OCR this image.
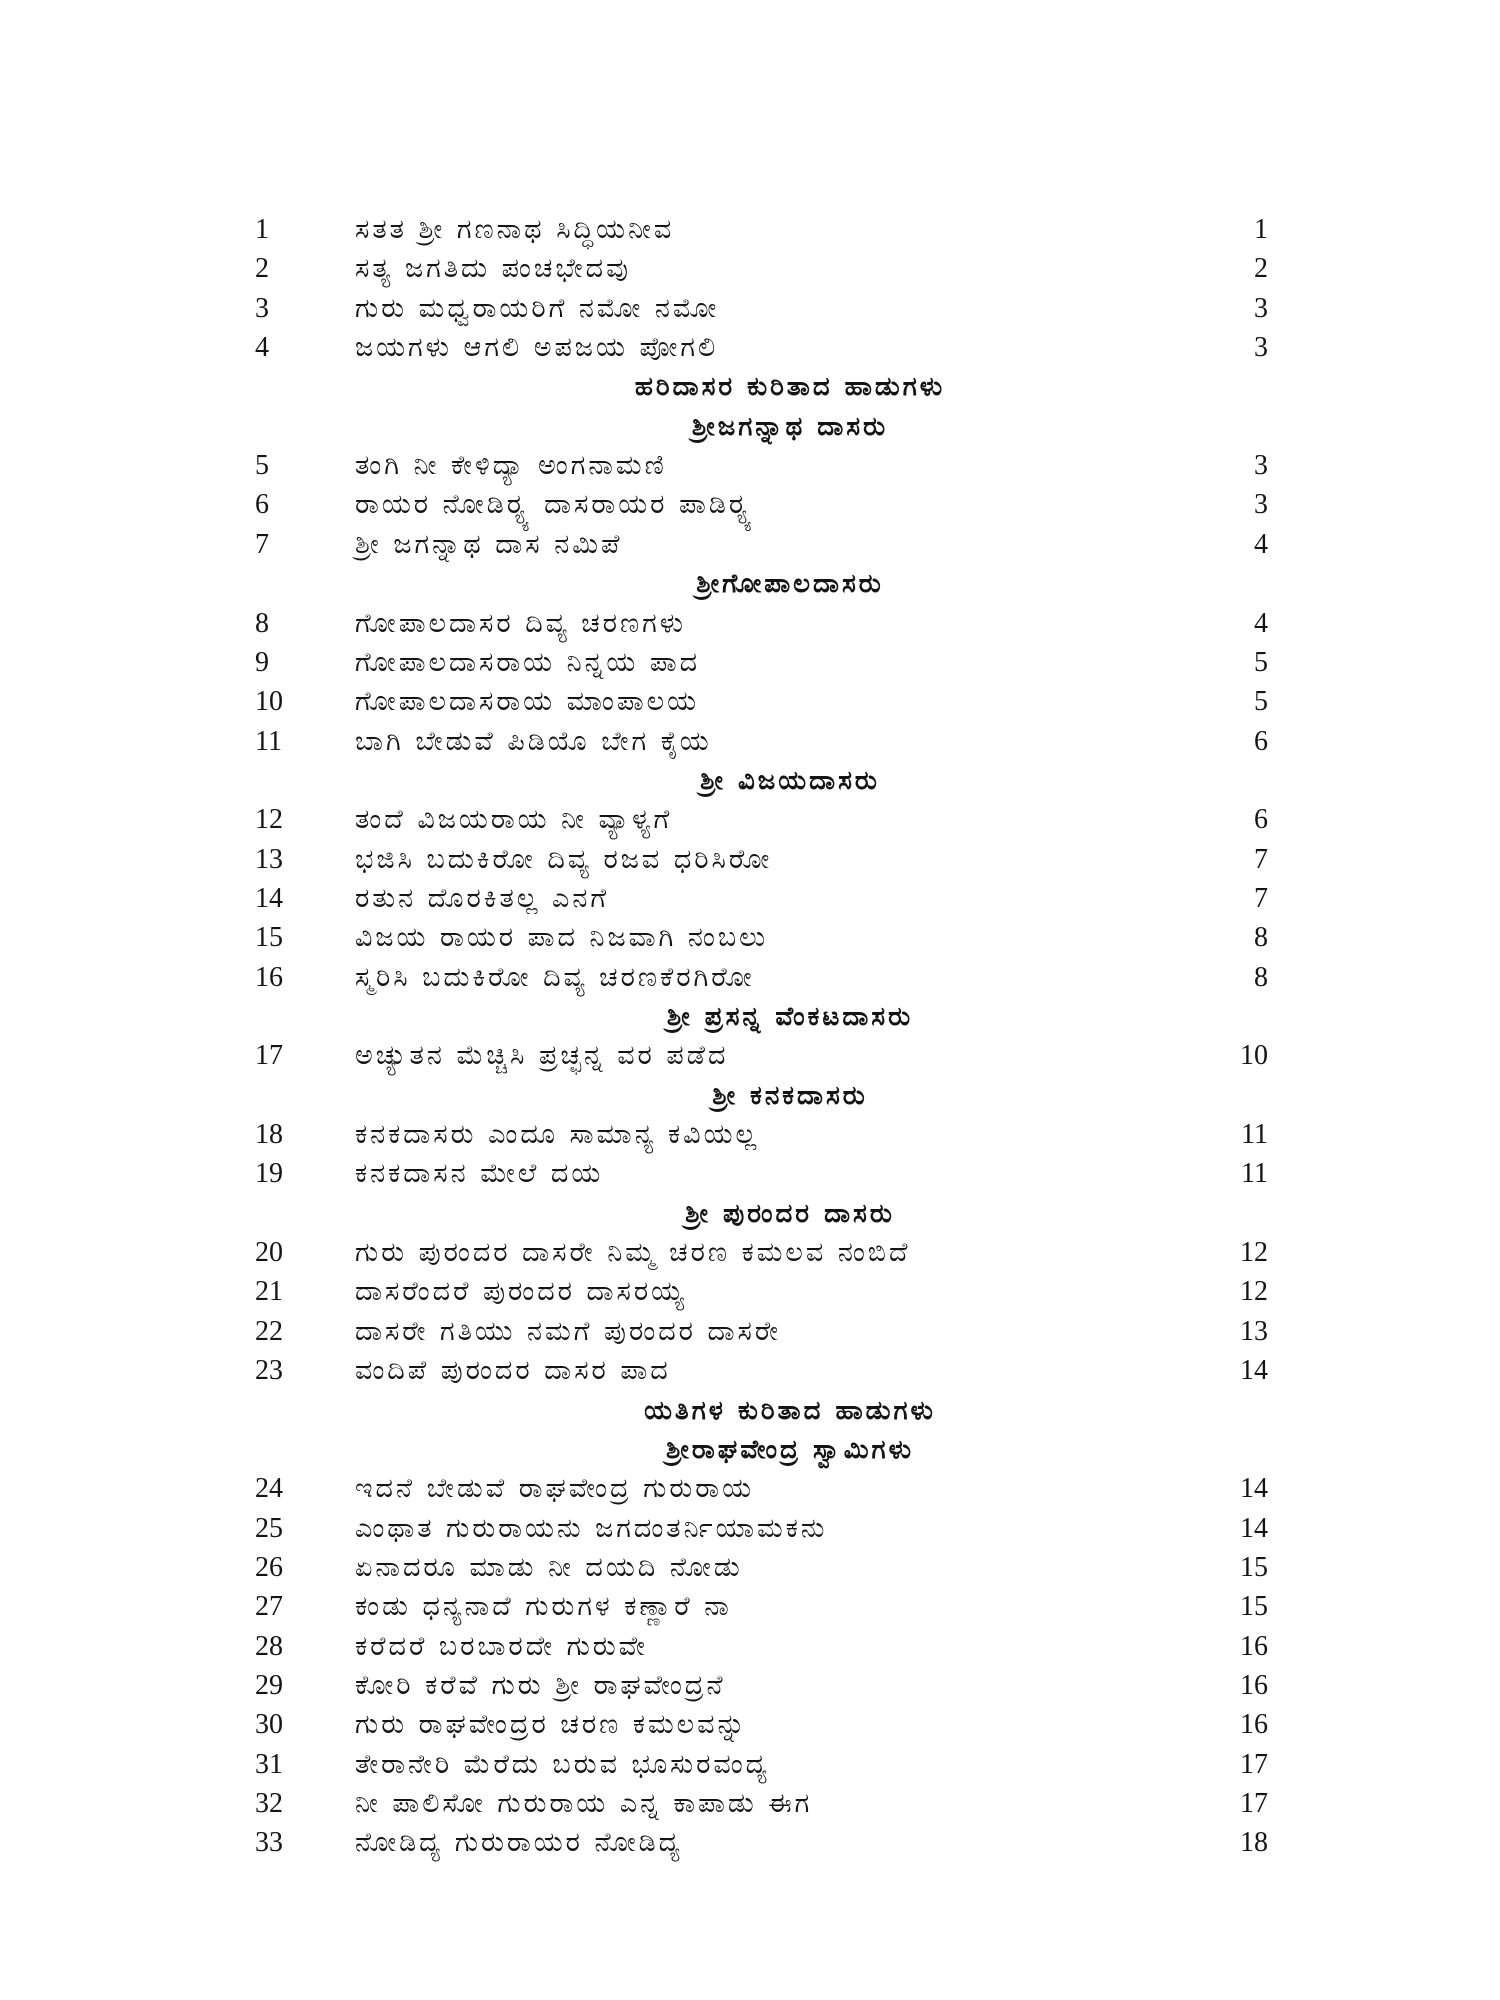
1	ಸತತ ಶ್ರೀ ಗಣನಾಥ ಸಿದ್ಧಿಯನೀವ	1
2	ಸತ್ಯ ಜಗತಿದು ಪಂಚಭೇದವು	2
3	ಗುರು ಮಧ್ವರಾಯರಿಗೆ ನಮೋ ನಮೋ	3
4	ಜಯಗಳು ಆಗಲಿ ಅಪಜಯ ಪೋಗಲಿ	3
ಹರಿದಾಸರ ಕುರಿತಾದ ಹಾಡುಗಳು
ಶ್ರೀಜಗನ್ನಾಥ ದಾಸರು
5	ತಂಗಿ ನೀ ಕೇಳಿದ್ಯಾ ಅಂಗನಾಮಣಿ	3
6	ರಾಯರ ನೋಡಿರ್‍ಯ್ಯ ದಾಸರಾಯರ ಪಾಡಿರ್‍ಯ್ಯ	3
7	ಶ್ರೀ ಜಗನ್ನಾಥ ದಾಸ ನಮಿಪೆ	4
ಶ್ರೀಗೋಪಾಲದಾಸರು
8	ಗೋಪಾಲದಾಸರ ದಿವ್ಯ ಚರಣಗಳು	4
9	ಗೋಪಾಲದಾಸರಾಯ ನಿನ್ನಯ ಪಾದ	5
10	ಗೋಪಾಲದಾಸರಾಯ ಮಾಂಪಾಲಯ	5
11	ಬಾಗಿ ಬೇಡುವೆ ಪಿಡಿಯೊ ಬೇಗ ಕೈಯ	6
ಶ್ರೀ ವಿಜಯದಾಸರು
12	ತಂದೆ ವಿಜಯರಾಯ ನೀ ವ್ಯಾಳ್ಯಗೆ	6
13	ಭಜಿಸಿ ಬದುಕಿರೋ ದಿವ್ಯ ರಜವ ಧರಿಸಿರೋ	7
14	ರತುನ ದೊರಕಿತಲ್ಲ ಎನಗೆ	7
15	ವಿಜಯ ರಾಯರ ಪಾದ ನಿಜವಾಗಿ ನಂಬಲು	8
16	ಸ್ಮರಿಸಿ ಬದುಕಿರೋ ದಿವ್ಯ ಚರಣಕೆರಗಿರೋ	8
ಶ್ರೀ ಪ್ರಸನ್ನ ವೆಂಕಟದಾಸರು
17	ಅಚ್ಯುತನ ಮೆಚ್ಚಿಸಿ ಪ್ರಚ್ಛನ್ನ ವರ ಪಡೆದ	10
ಶ್ರೀ ಕನಕದಾಸರು
18	ಕನಕದಾಸರು ಎಂದೂ ಸಾಮಾನ್ಯ ಕವಿಯಲ್ಲ	11
19	ಕನಕದಾಸನ ಮೇಲೆ ದಯ	11
ಶ್ರೀ ಪುರಂದರ ದಾಸರು
20	ಗುರು ಪುರಂದರ ದಾಸರೇ ನಿಮ್ಮ ಚರಣ ಕಮಲವ ನಂಬಿದೆ	12
21	ದಾಸರೆಂದರೆ ಪುರಂದರ ದಾಸರಯ್ಯ	12
22	ದಾಸರೇ ಗತಿಯು ನಮಗೆ ಪುರಂದರ ದಾಸರೇ	13
23	ವಂದಿಪೆ ಪುರಂದರ ದಾಸರ ಪಾದ	14
ಯತಿಗಳ ಕುರಿತಾದ ಹಾಡುಗಳು
ಶ್ರೀರಾಘವೇಂದ್ರ ಸ್ವಾಮಿಗಳು
24	ಇದನೆ ಬೇಡುವೆ ರಾಘವೇಂದ್ರ ಗುರುರಾಯ	14
25	ಎಂಥಾತ ಗುರುರಾಯನು ಜಗದಂತರ್ನಿಯಾಮಕನು	14
26	ಏನಾದರೂ ಮಾಡು ನೀ ದಯದಿ ನೋಡು	15
27	ಕಂಡು ಧನ್ಯನಾದೆ ಗುರುಗಳ ಕಣ್ಣಾರೆ ನಾ	15
28	ಕರೆದರೆ ಬರಬಾರದೇ ಗುರುವೇ	16
29	ಕೋರಿ ಕರೆವೆ ಗುರು ಶ್ರೀ ರಾಘವೇಂದ್ರನೆ	16
30	ಗುರು ರಾಘವೇಂದ್ರರ ಚರಣ ಕಮಲವನ್ನು	16
31	ತೇರಾನೇರಿ ಮೆರೆದು ಬರುವ ಭೂಸುರವಂದ್ಯ	17
32	ನೀ ಪಾಲಿಸೋ ಗುರುರಾಯ ಎನ್ನ ಕಾಪಾಡು ಈಗ	17
33	ನೋಡಿದ್ಯ ಗುರುರಾಯರ ನೋಡಿದ್ಯ	18
